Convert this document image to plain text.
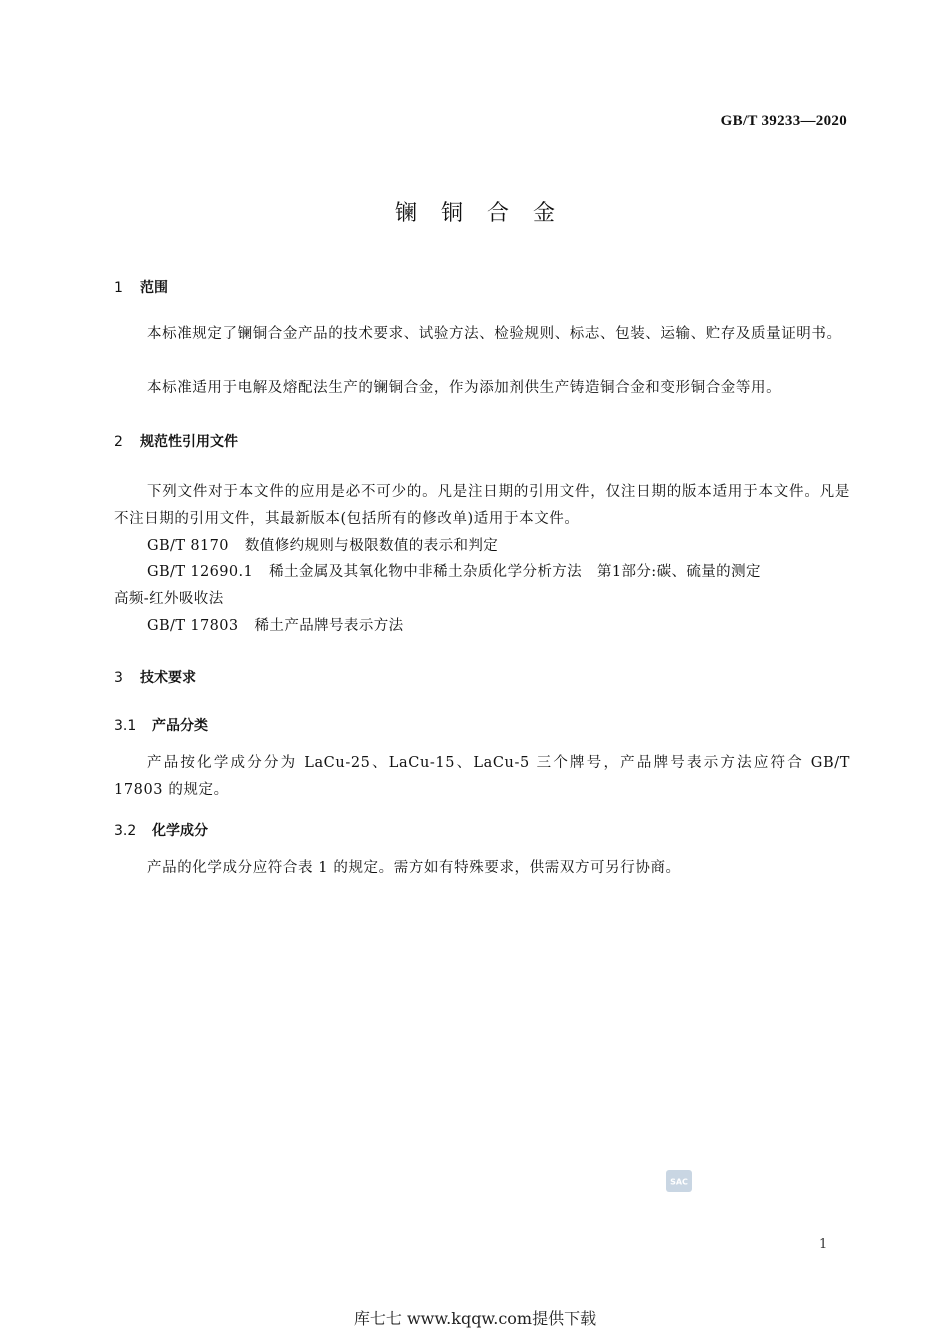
GB/T 39233—2020
镧铜合金
1 范围
本标准规定了镧铜合金产品的技术要求、试验方法、检验规则、标志、包装、运输、贮存及质量证明书。
本标准适用于电解及熔配法生产的镧铜合金，作为添加剂供生产铸造铜合金和变形铜合金等用。
2 规范性引用文件
下列文件对于本文件的应用是必不可少的。凡是注日期的引用文件，仅注日期的版本适用于本文件。凡是不注日期的引用文件，其最新版本(包括所有的修改单)适用于本文件。
GB/T 8170 数值修约规则与极限数值的表示和判定
GB/T 12690.1 稀土金属及其氧化物中非稀土杂质化学分析方法　第1部分:碳、硫量的测定
高频-红外吸收法
GB/T 17803 稀土产品牌号表示方法
3 技术要求
3.1 产品分类
产品按化学成分分为 LaCu-25、LaCu-15、LaCu-5 三个牌号，产品牌号表示方法应符合 GB/T 17803 的规定。
3.2 化学成分
产品的化学成分应符合表 1 的规定。需方如有特殊要求，供需双方可另行协商。
SAC
1
库七七 www.kqqw.com提供下载
